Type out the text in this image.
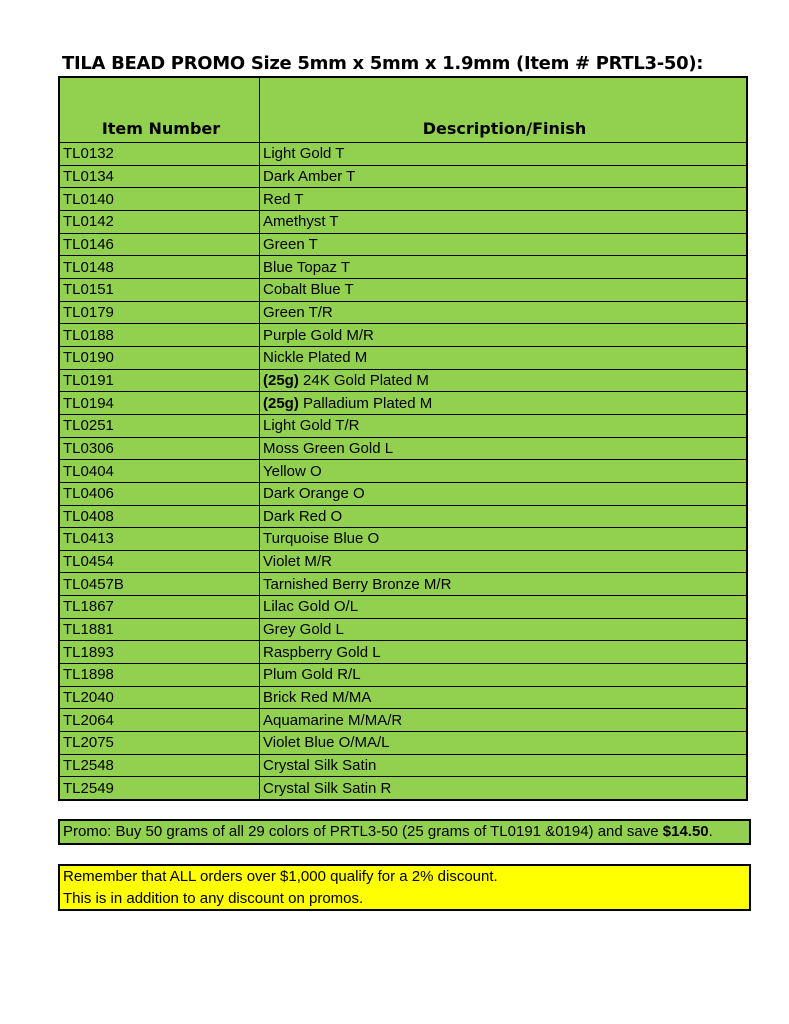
TILA BEAD PROMO Size 5mm x 5mm x 1.9mm (Item # PRTL3-50):
Item Number	Description/Finish
TL0132	Light Gold T
TL0134	Dark Amber T
TL0140	Red T
TL0142	Amethyst T
TL0146	Green T
TL0148	Blue Topaz T
TL0151	Cobalt Blue T
TL0179	Green T/R
TL0188	Purple Gold M/R
TL0190	Nickle Plated M
TL0191	(25g) 24K Gold Plated M
TL0194	(25g) Palladium Plated M
TL0251	Light Gold T/R
TL0306	Moss Green Gold L
TL0404	Yellow O
TL0406	Dark Orange O
TL0408	Dark Red O
TL0413	Turquoise Blue O
TL0454	Violet M/R
TL0457B	Tarnished Berry Bronze M/R
TL1867	Lilac Gold O/L
TL1881	Grey Gold L
TL1893	Raspberry Gold L
TL1898	Plum Gold R/L
TL2040	Brick Red M/MA
TL2064	Aquamarine M/MA/R
TL2075	Violet Blue O/MA/L
TL2548	Crystal Silk Satin
TL2549	Crystal Silk Satin R
Promo: Buy 50 grams of all 29 colors of PRTL3-50 (25 grams of TL0191 &0194) and save $14.50.
Remember that ALL orders over $1,000 qualify for a 2% discount.
This is in addition to any discount on promos.
